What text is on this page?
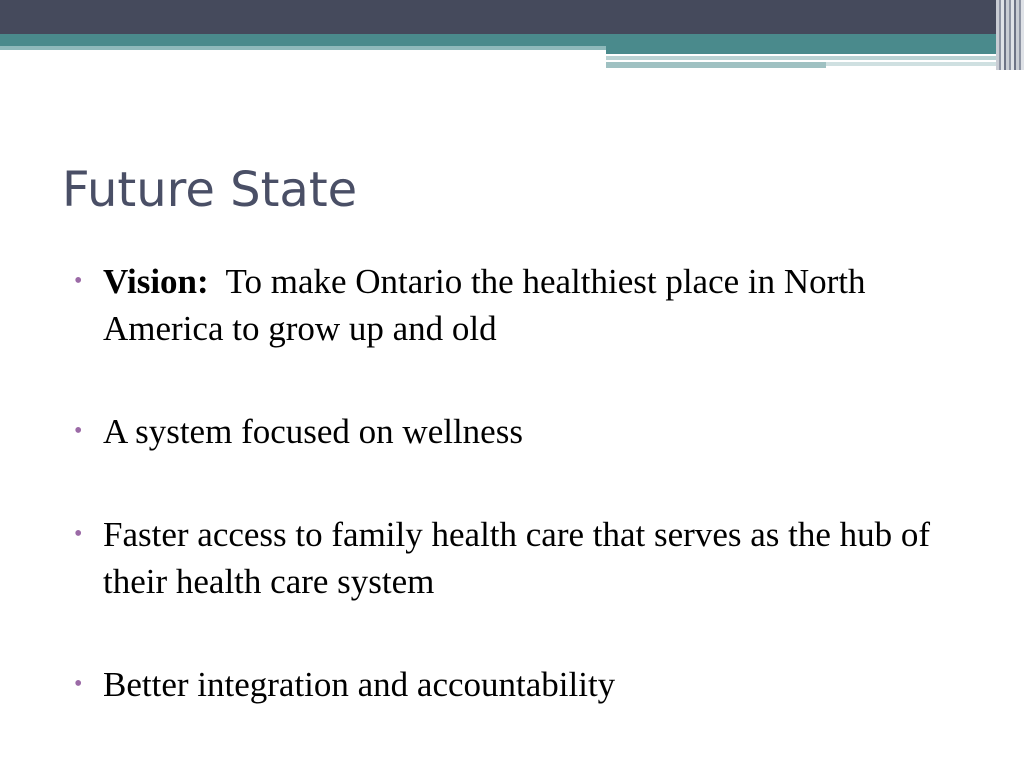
Future State
• Vision: To make Ontario the healthiest place in North America to grow up and old
• A system focused on wellness
• Faster access to family health care that serves as the hub of their health care system
• Better integration and accountability
